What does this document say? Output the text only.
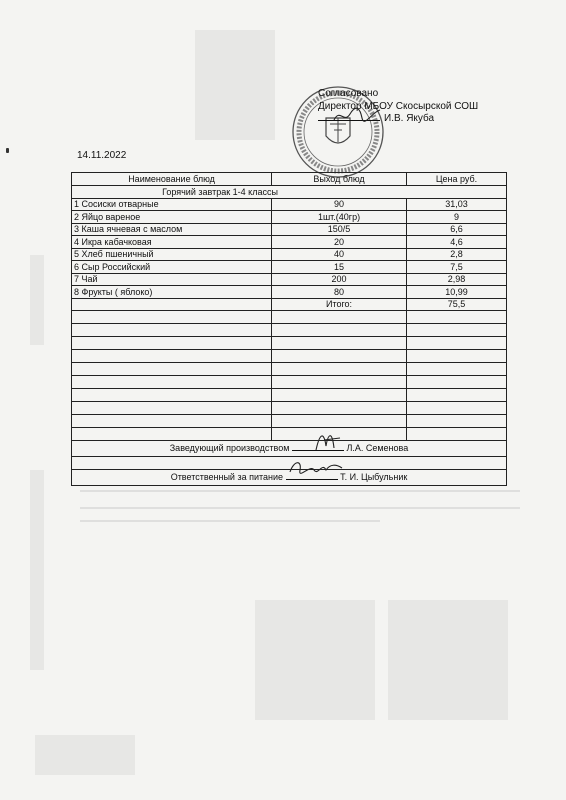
Согласовано
Директор МБОУ Скосырской СОШ
И.В. Якуба
14.11.2022
Наименование блюд	Выход блюд	Цена руб.
Горячий завтрак 1-4 классы		
1 Сосиски отварные	90	31,03
2 Яйцо вареное	1шт.(40гр)	9
3 Каша ячневая с маслом	150/5	6,6
4 Икра кабачковая	20	4,6
5 Хлеб пшеничный	40	2,8
6 Сыр Российский	15	7,5
7 Чай	200	2,98
8 Фрукты ( яблоко)	80	10,99
	Итого:	75,5

Заведующий производством Л.А. Семенова		

Ответственный за питание Т. И. Цыбульник		
